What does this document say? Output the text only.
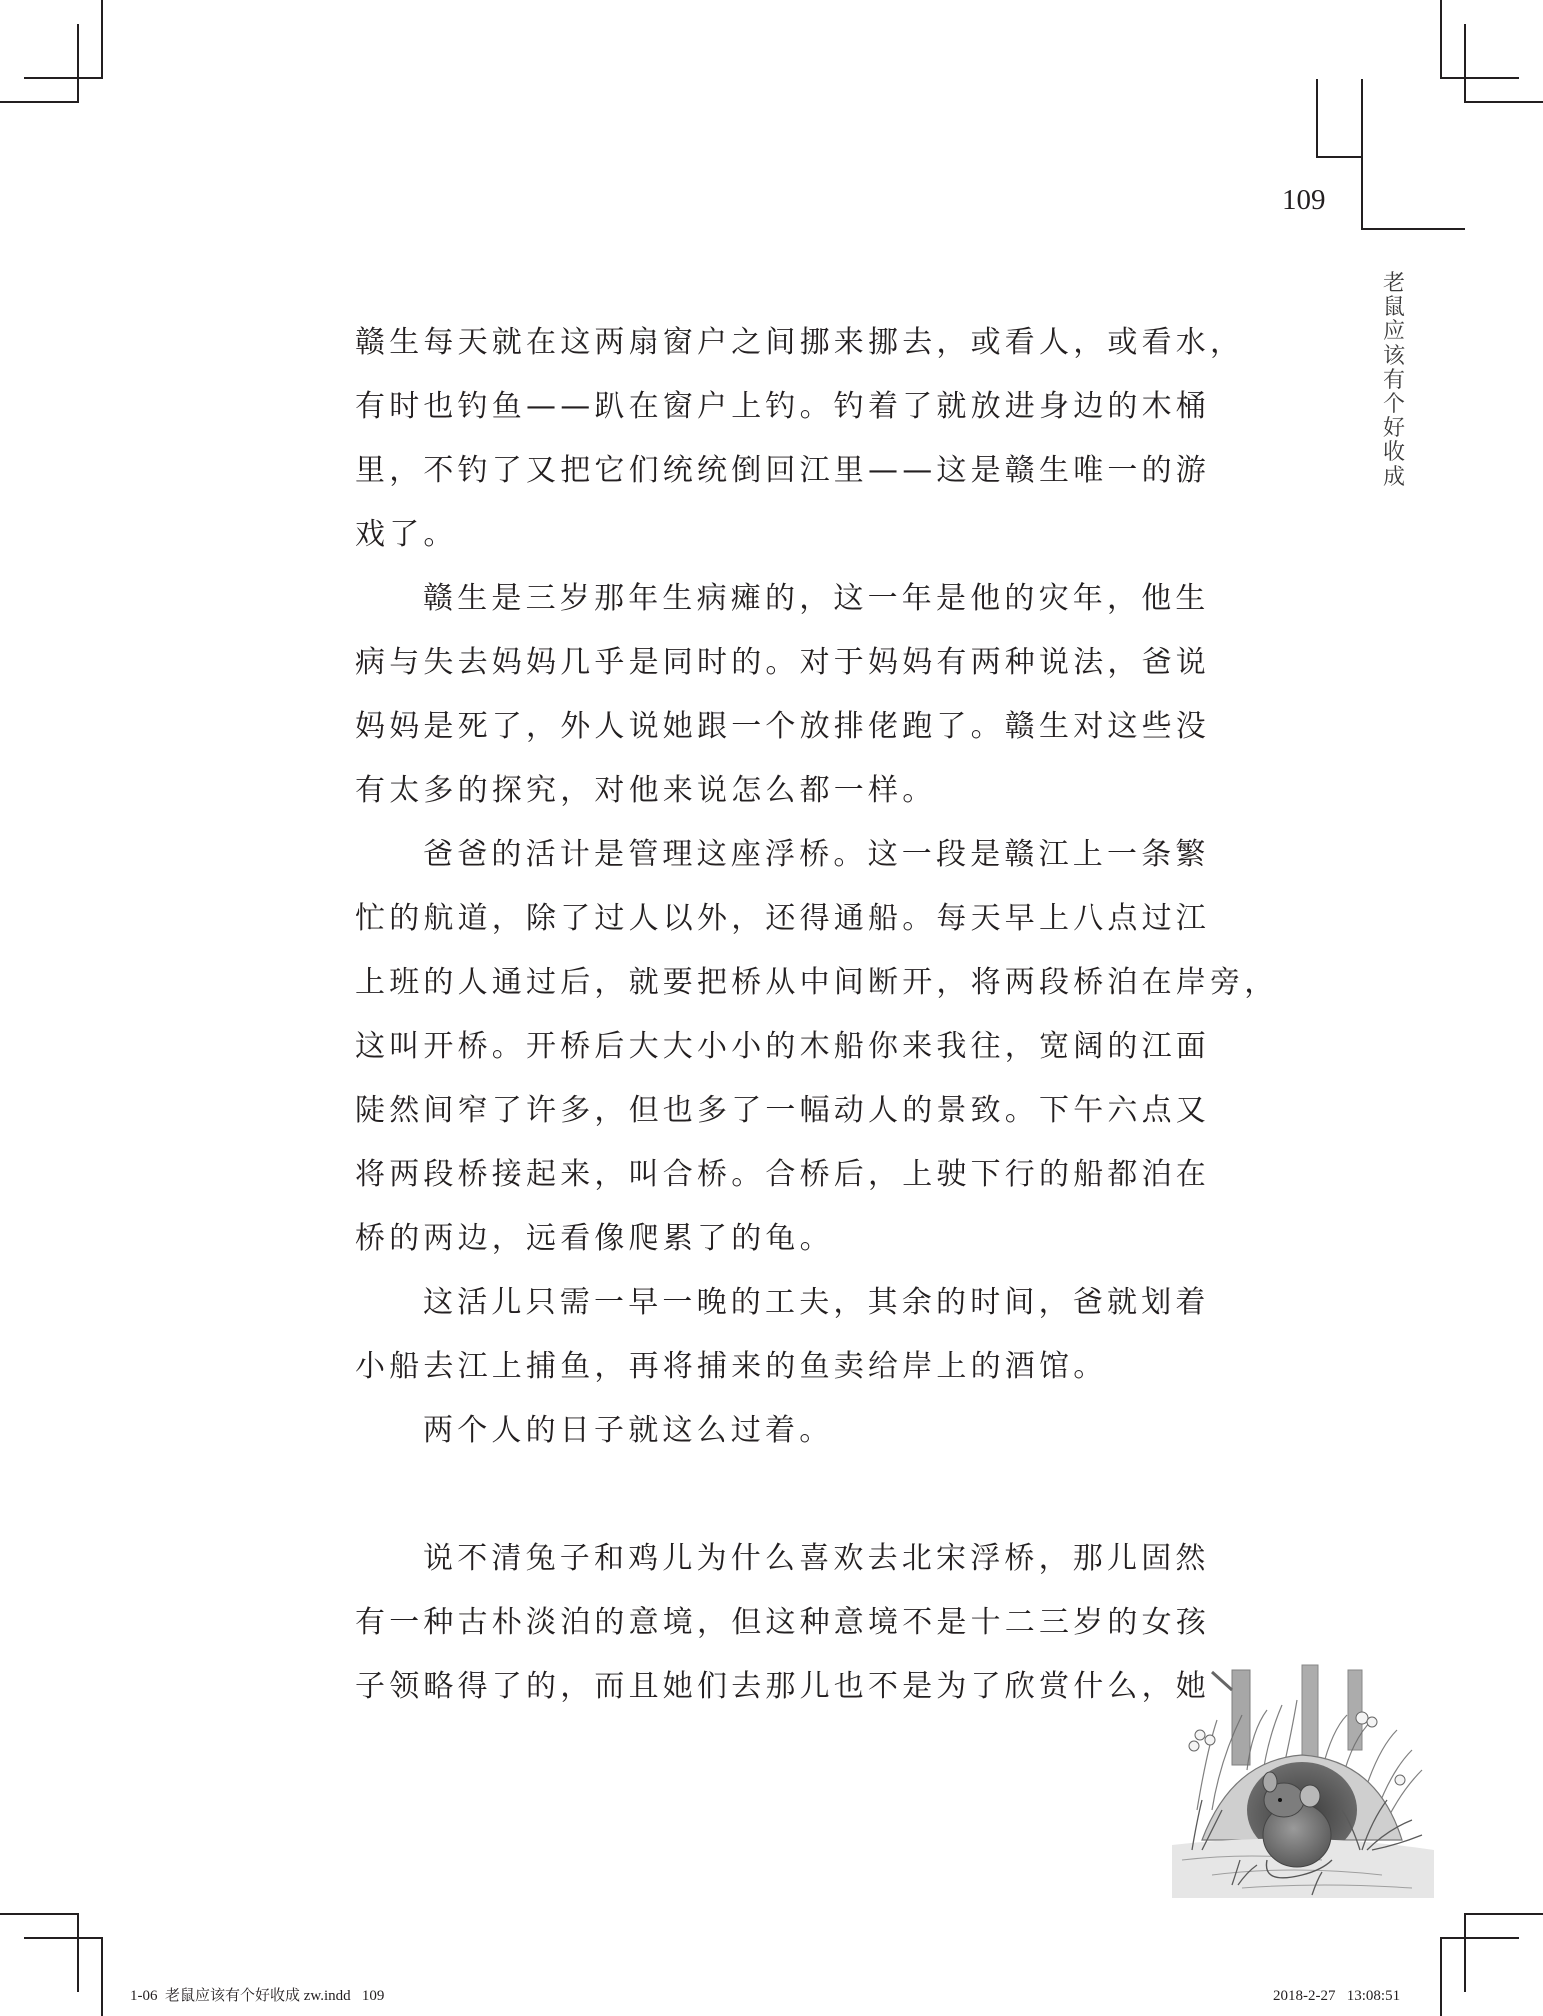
109
老
鼠
应
该
有
个
好
收
成

赣生每天就在这两扇窗户之间挪来挪去，或看人，或看水，
有时也钓鱼——趴在窗户上钓。钓着了就放进身边的木桶
里，不钓了又把它们统统倒回江里——这是赣生唯一的游
戏了。

赣生是三岁那年生病瘫的，这一年是他的灾年，他生
病与失去妈妈几乎是同时的。对于妈妈有两种说法，爸说
妈妈是死了，外人说她跟一个放排佬跑了。赣生对这些没
有太多的探究，对他来说怎么都一样。

爸爸的活计是管理这座浮桥。这一段是赣江上一条繁
忙的航道，除了过人以外，还得通船。每天早上八点过江
上班的人通过后，就要把桥从中间断开，将两段桥泊在岸旁，
这叫开桥。开桥后大大小小的木船你来我往，宽阔的江面
陡然间窄了许多，但也多了一幅动人的景致。下午六点又
将两段桥接起来，叫合桥。合桥后，上驶下行的船都泊在
桥的两边，远看像爬累了的龟。

这活儿只需一早一晚的工夫，其余的时间，爸就划着
小船去江上捕鱼，再将捕来的鱼卖给岸上的酒馆。

两个人的日子就这么过着。

说不清兔子和鸡儿为什么喜欢去北宋浮桥，那儿固然
有一种古朴淡泊的意境，但这种意境不是十二三岁的女孩
子领略得了的，而且她们去那儿也不是为了欣赏什么，她

1-06  老鼠应该有个好收成 zw.indd   109	2018-2-27   13:08:51
